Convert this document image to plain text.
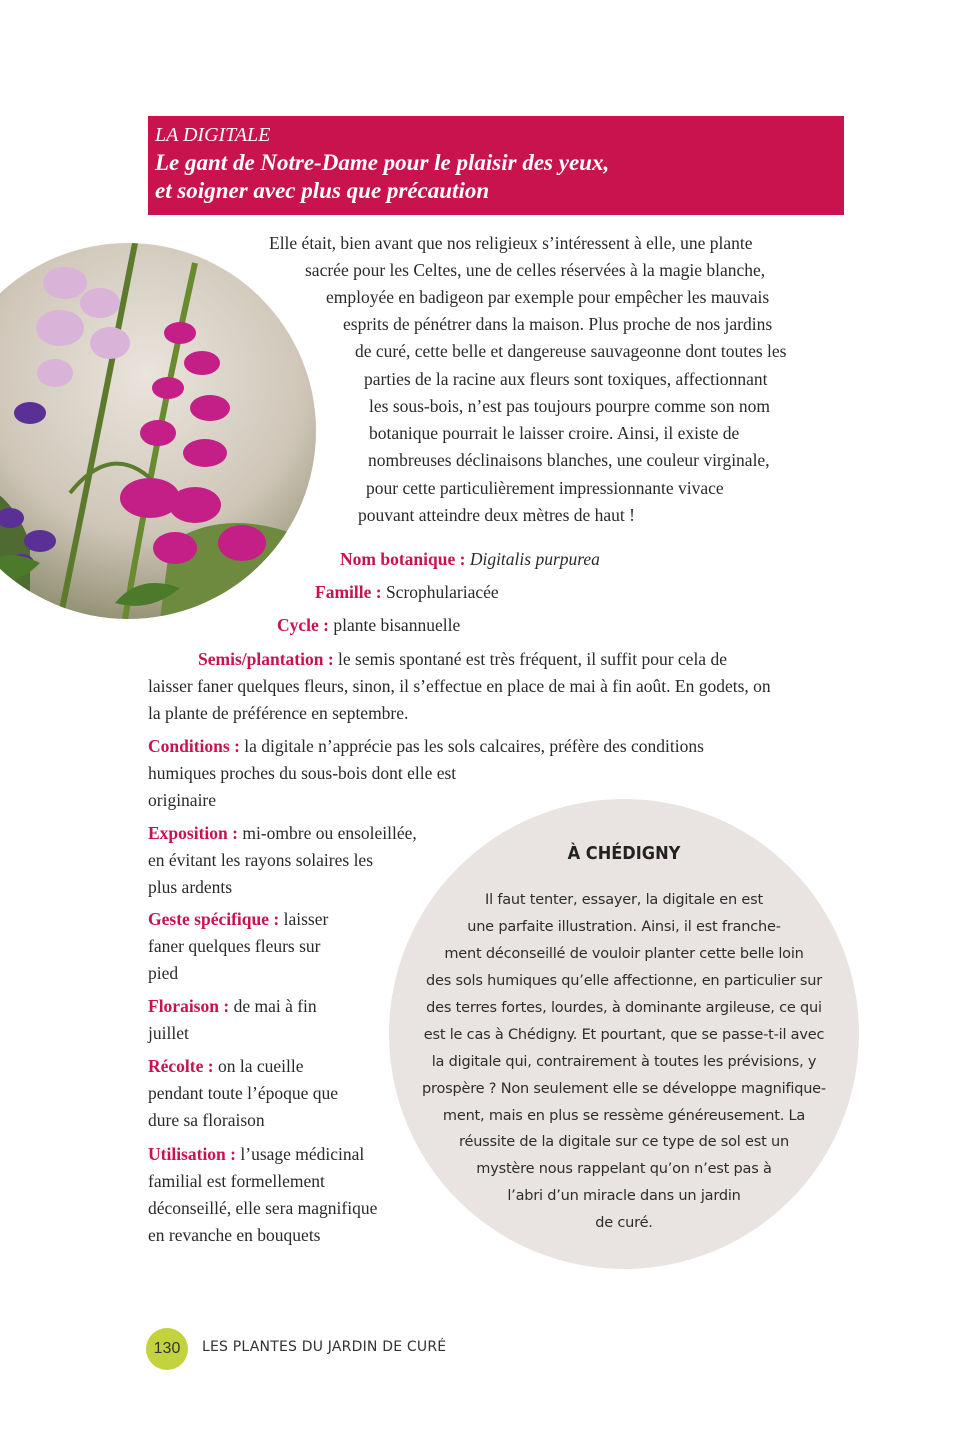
LA DIGITALE
Le gant de Notre-Dame pour le plaisir des yeux,
et soigner avec plus que précaution
Elle était, bien avant que nos religieux s’intéressent à elle, une plante
sacrée pour les Celtes, une de celles réservées à la magie blanche,
employée en badigeon par exemple pour empêcher les mauvais
esprits de pénétrer dans la maison. Plus proche de nos jardins
de curé, cette belle et dangereuse sauvageonne dont toutes les
parties de la racine aux fleurs sont toxiques, affectionnant
les sous-bois, n’est pas toujours pourpre comme son nom
botanique pourrait le laisser croire. Ainsi, il existe de
nombreuses déclinaisons blanches, une couleur virginale,
pour cette particulièrement impressionnante vivace
pouvant atteindre deux mètres de haut !
Nom botanique : Digitalis purpurea
Famille : Scrophulariacée
Cycle : plante bisannuelle
Semis/plantation : le semis spontané est très fréquent, il suffit pour cela de
laisser faner quelques fleurs, sinon, il s’effectue en place de mai à fin août. En godets, on
la plante de préférence en septembre.
Conditions : la digitale n’apprécie pas les sols calcaires, préfère des conditions
humiques proches du sous-bois dont elle est
originaire
Exposition : mi-ombre ou ensoleillée,
en évitant les rayons solaires les
plus ardents
Geste spécifique : laisser
faner quelques fleurs sur
pied
Floraison : de mai à fin
juillet
Récolte : on la cueille
pendant toute l’époque que
dure sa floraison
Utilisation : l’usage médicinal
familial est formellement
déconseillé, elle sera magnifique
en revanche en bouquets
À CHÉDIGNY
Il faut tenter, essayer, la digitale en est
une parfaite illustration. Ainsi, il est franche-
ment déconseillé de vouloir planter cette belle loin
des sols humiques qu’elle affectionne, en particulier sur
des terres fortes, lourdes, à dominante argileuse, ce qui
est le cas à Chédigny. Et pourtant, que se passe-t-il avec
la digitale qui, contrairement à toutes les prévisions, y
prospère ? Non seulement elle se développe magnifique-
ment, mais en plus se ressème généreusement. La
réussite de la digitale sur ce type de sol est un
mystère nous rappelant qu’on n’est pas à
l’abri d’un miracle dans un jardin
de curé.
130	LES PLANTES DU JARDIN DE CURÉ
